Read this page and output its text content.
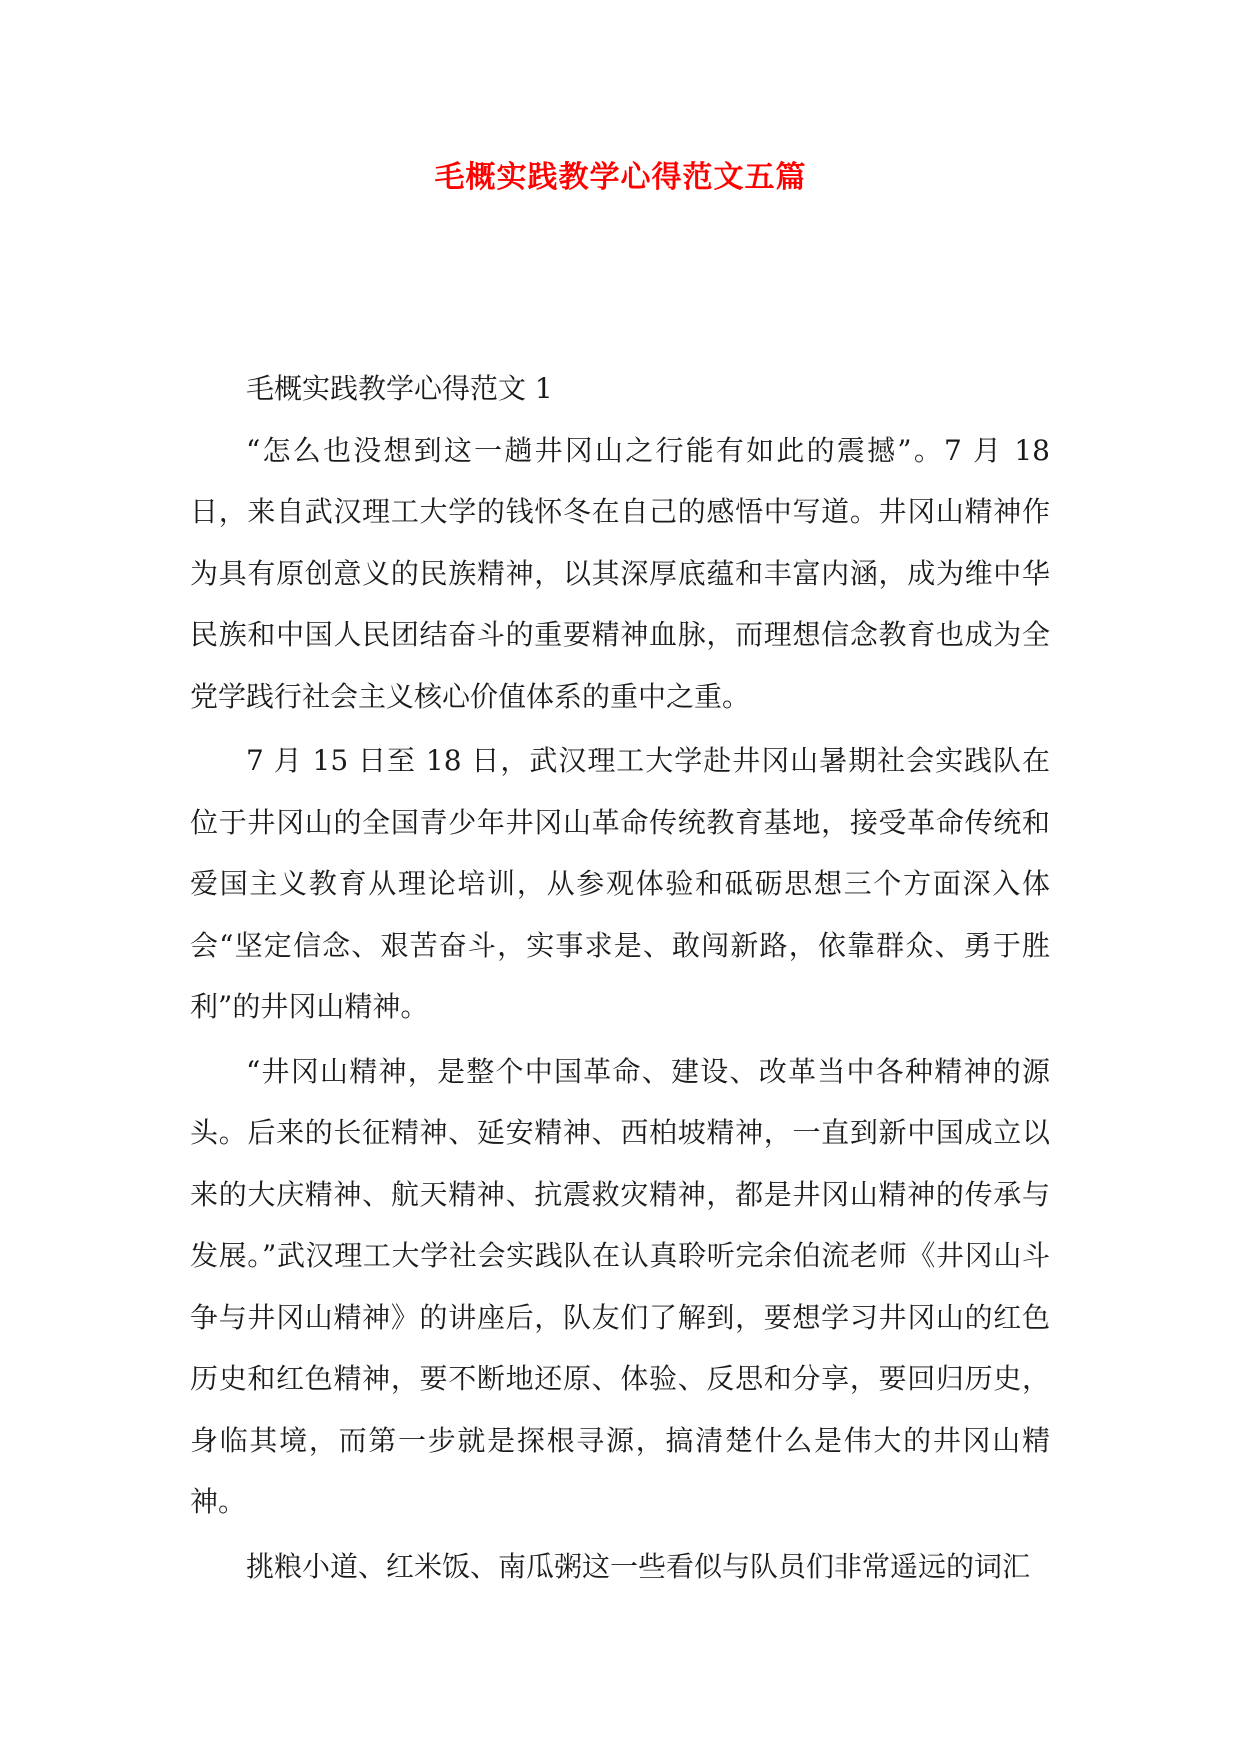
毛概实践教学心得范文五篇

毛概实践教学心得范文 1

“怎么也没想到这一趟井冈山之行能有如此的震撼”。7 月 18 日，来自武汉理工大学的钱怀冬在自己的感悟中写道。井冈山精神作为具有原创意义的民族精神，以其深厚底蕴和丰富内涵，成为维中华民族和中国人民团结奋斗的重要精神血脉，而理想信念教育也成为全党学践行社会主义核心价值体系的重中之重。

7 月 15 日至 18 日，武汉理工大学赴井冈山暑期社会实践队在位于井冈山的全国青少年井冈山革命传统教育基地，接受革命传统和爱国主义教育从理论培训，从参观体验和砥砺思想三个方面深入体会“坚定信念、艰苦奋斗，实事求是、敢闯新路，依靠群众、勇于胜利”的井冈山精神。

“井冈山精神，是整个中国革命、建设、改革当中各种精神的源头。后来的长征精神、延安精神、西柏坡精神，一直到新中国成立以来的大庆精神、航天精神、抗震救灾精神，都是井冈山精神的传承与发展。”武汉理工大学社会实践队在认真聆听完余伯流老师《井冈山斗争与井冈山精神》的讲座后，队友们了解到，要想学习井冈山的红色历史和红色精神，要不断地还原、体验、反思和分享，要回归历史，身临其境，而第一步就是探根寻源，搞清楚什么是伟大的井冈山精神。

挑粮小道、红米饭、南瓜粥这一些看似与队员们非常遥远的词汇
